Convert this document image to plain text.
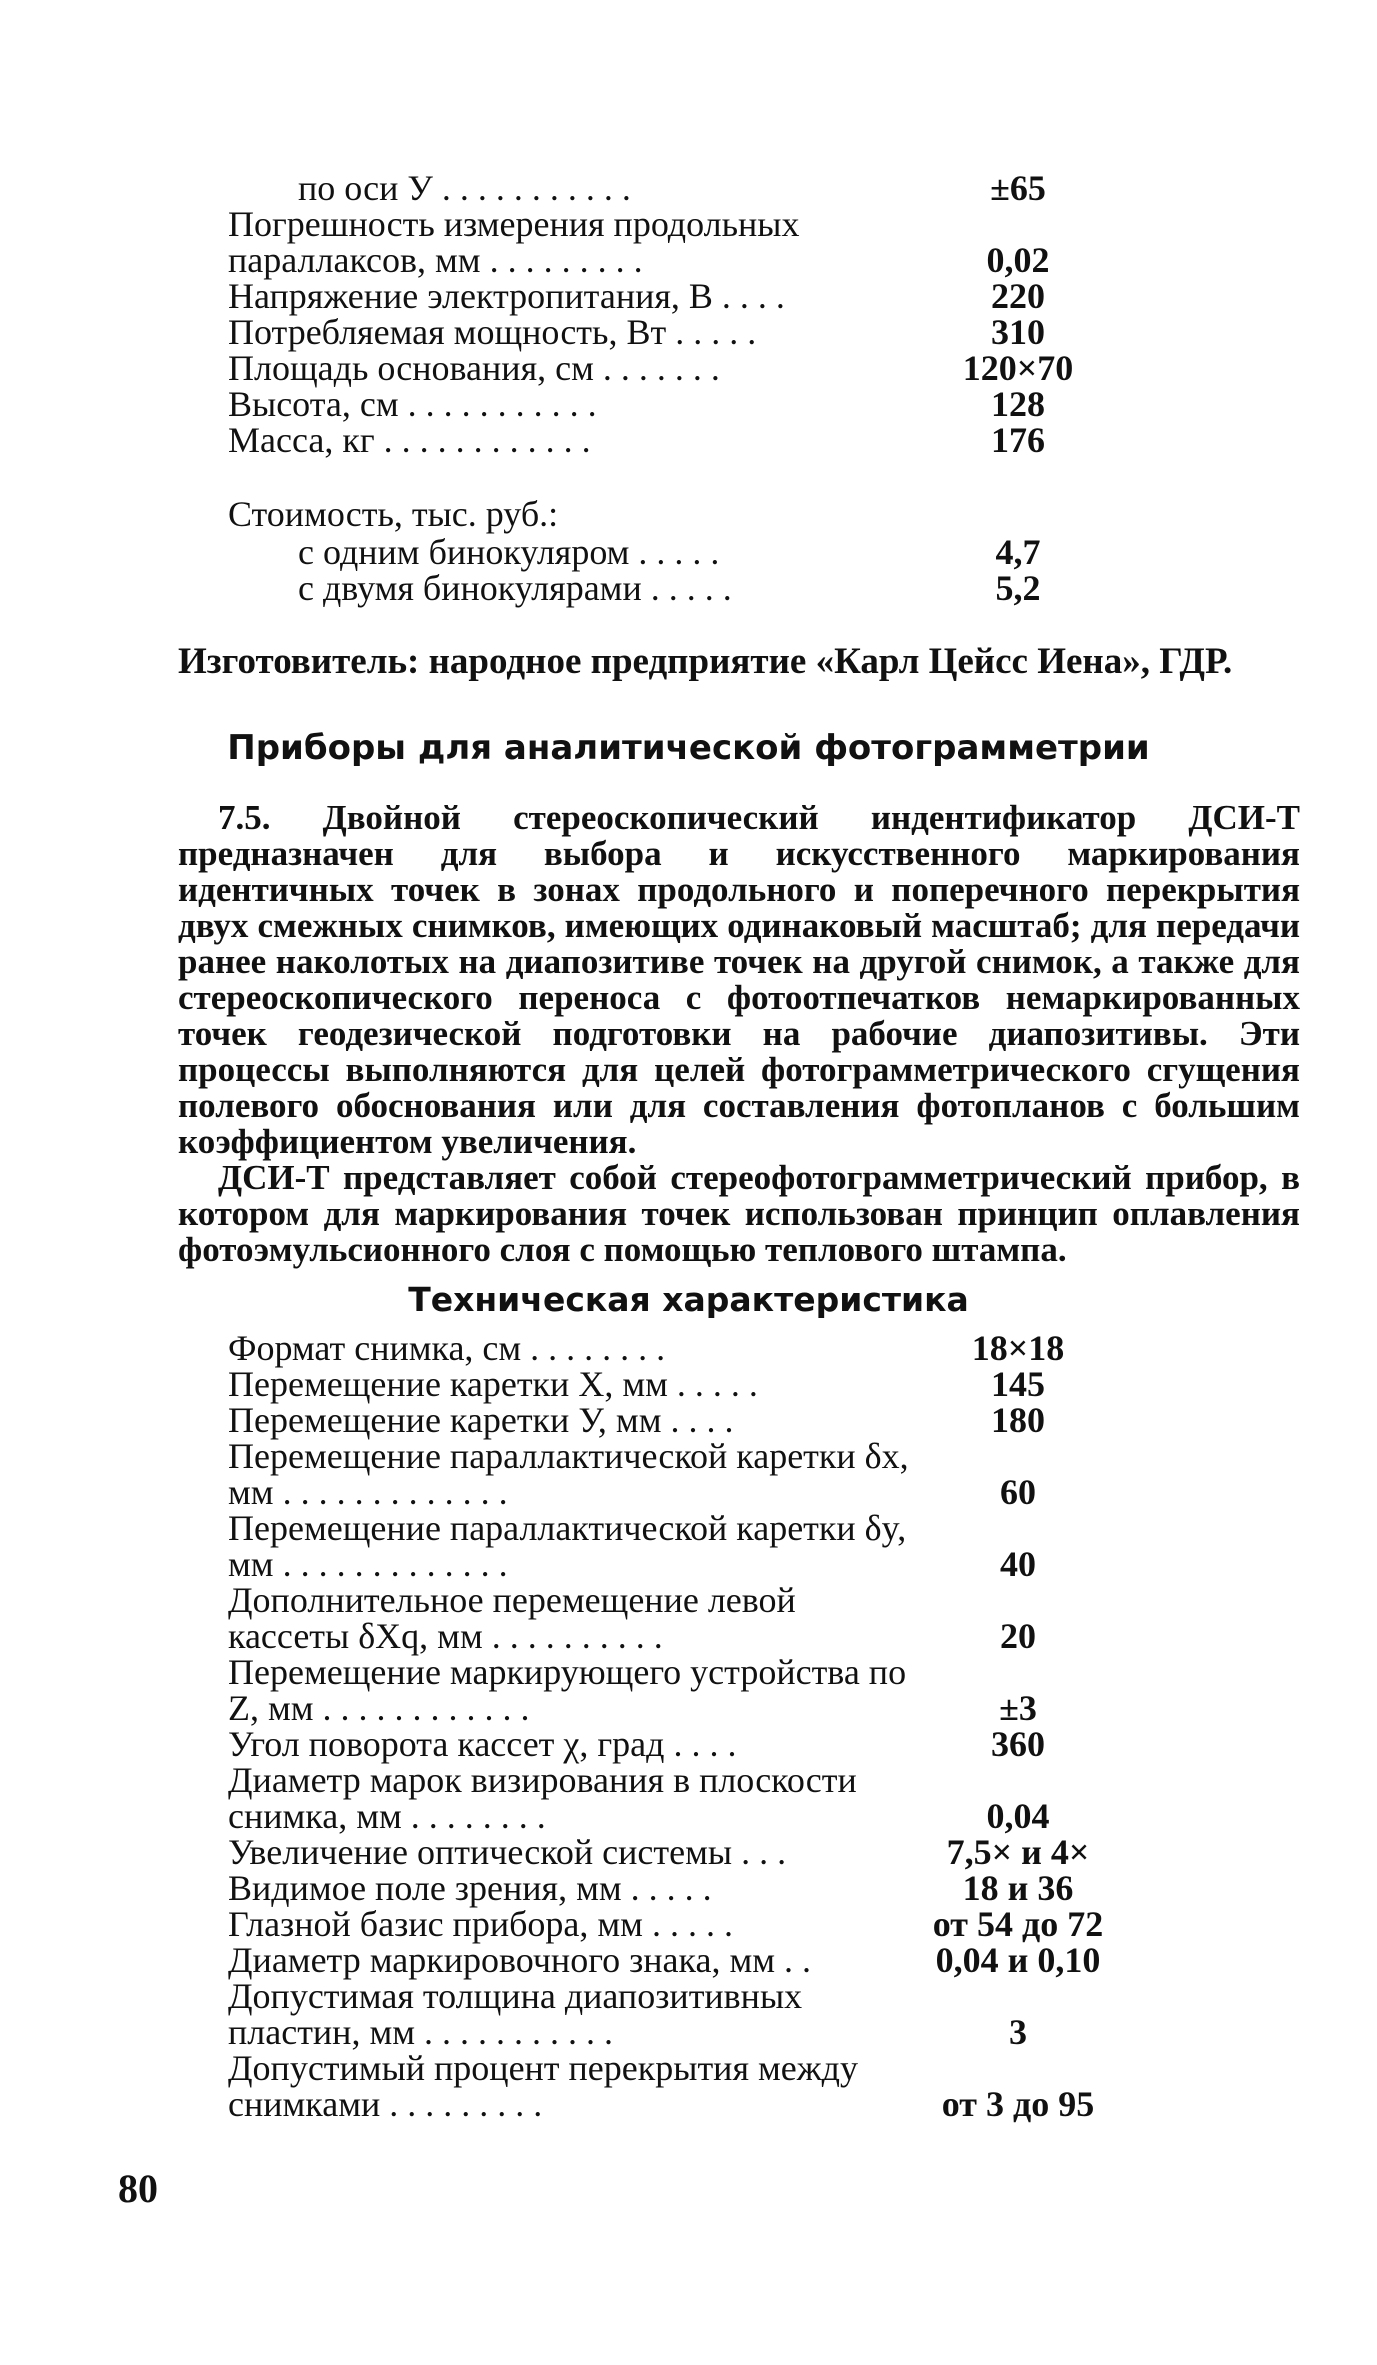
по оси У . . . . . . . . . . .	±65

Погрешность измерения продольных параллаксов, мм . . . . . . . . .	0,02

Напряжение электропитания, В . . . .	220

Потребляемая мощность, Вт . . . . .	310

Площадь основания, см . . . . . . .	120×70

Высота, см . . . . . . . . . . .	128

Масса, кг . . . . . . . . . . . .	176

Стоимость, тыс. руб.:

с одним бинокуляром . . . . .	4,7

с двумя бинокулярами . . . . .	5,2
Изготовитель: народное предприятие «Карл Цейсс Иена», ГДР.
Приборы для аналитической фотограмметрии

7.5. Двойной стереоскопический индентификатор ДСИ-Т предназначен для выбора и искусственного маркирования идентичных точек в зонах продольного и поперечного перекрытия двух смежных снимков, имеющих одинаковый масштаб; для передачи ранее наколотых на диапозитиве точек на другой снимок, а также для стереоскопического переноса с фотоотпечатков немаркированных точек геодезической подготовки на рабочие диапозитивы. Эти процессы выполняются для целей фотограмметрического сгущения полевого обоснования или для составления фотопланов с большим коэффициентом увеличения.

ДСИ-Т представляет собой стереофотограмметрический прибор, в котором для маркирования точек использован принцип оплавления фотоэмульсионного слоя с помощью теплового штампа.

Техническая характеристика

Формат снимка, см . . . . . . . .	18×18

Перемещение каретки X, мм . . . . .	145

Перемещение каретки У, мм . . . .	180

Перемещение параллактической каретки δx, мм . . . . . . . . . . . . .	60

Перемещение параллактической каретки δy, мм . . . . . . . . . . . . .	40

Дополнительное перемещение левой кассеты δXq, мм . . . . . . . . . .	20

Перемещение маркирующего устройства по Z, мм . . . . . . . . . . . .	±3

Угол поворота кассет χ, град . . . .	360

Диаметр марок визирования в плоскости снимка, мм . . . . . . . .	0,04

Увеличение оптической системы . . .	7,5× и 4×

Видимое поле зрения, мм . . . . .	18 и 36

Глазной базис прибора, мм . . . . .	от 54 до 72

Диаметр маркировочного знака, мм . .	0,04 и 0,10

Допустимая толщина диапозитивных пластин, мм . . . . . . . . . . .	3

Допустимый процент перекрытия между снимками . . . . . . . . .	от 3 до 95
80
